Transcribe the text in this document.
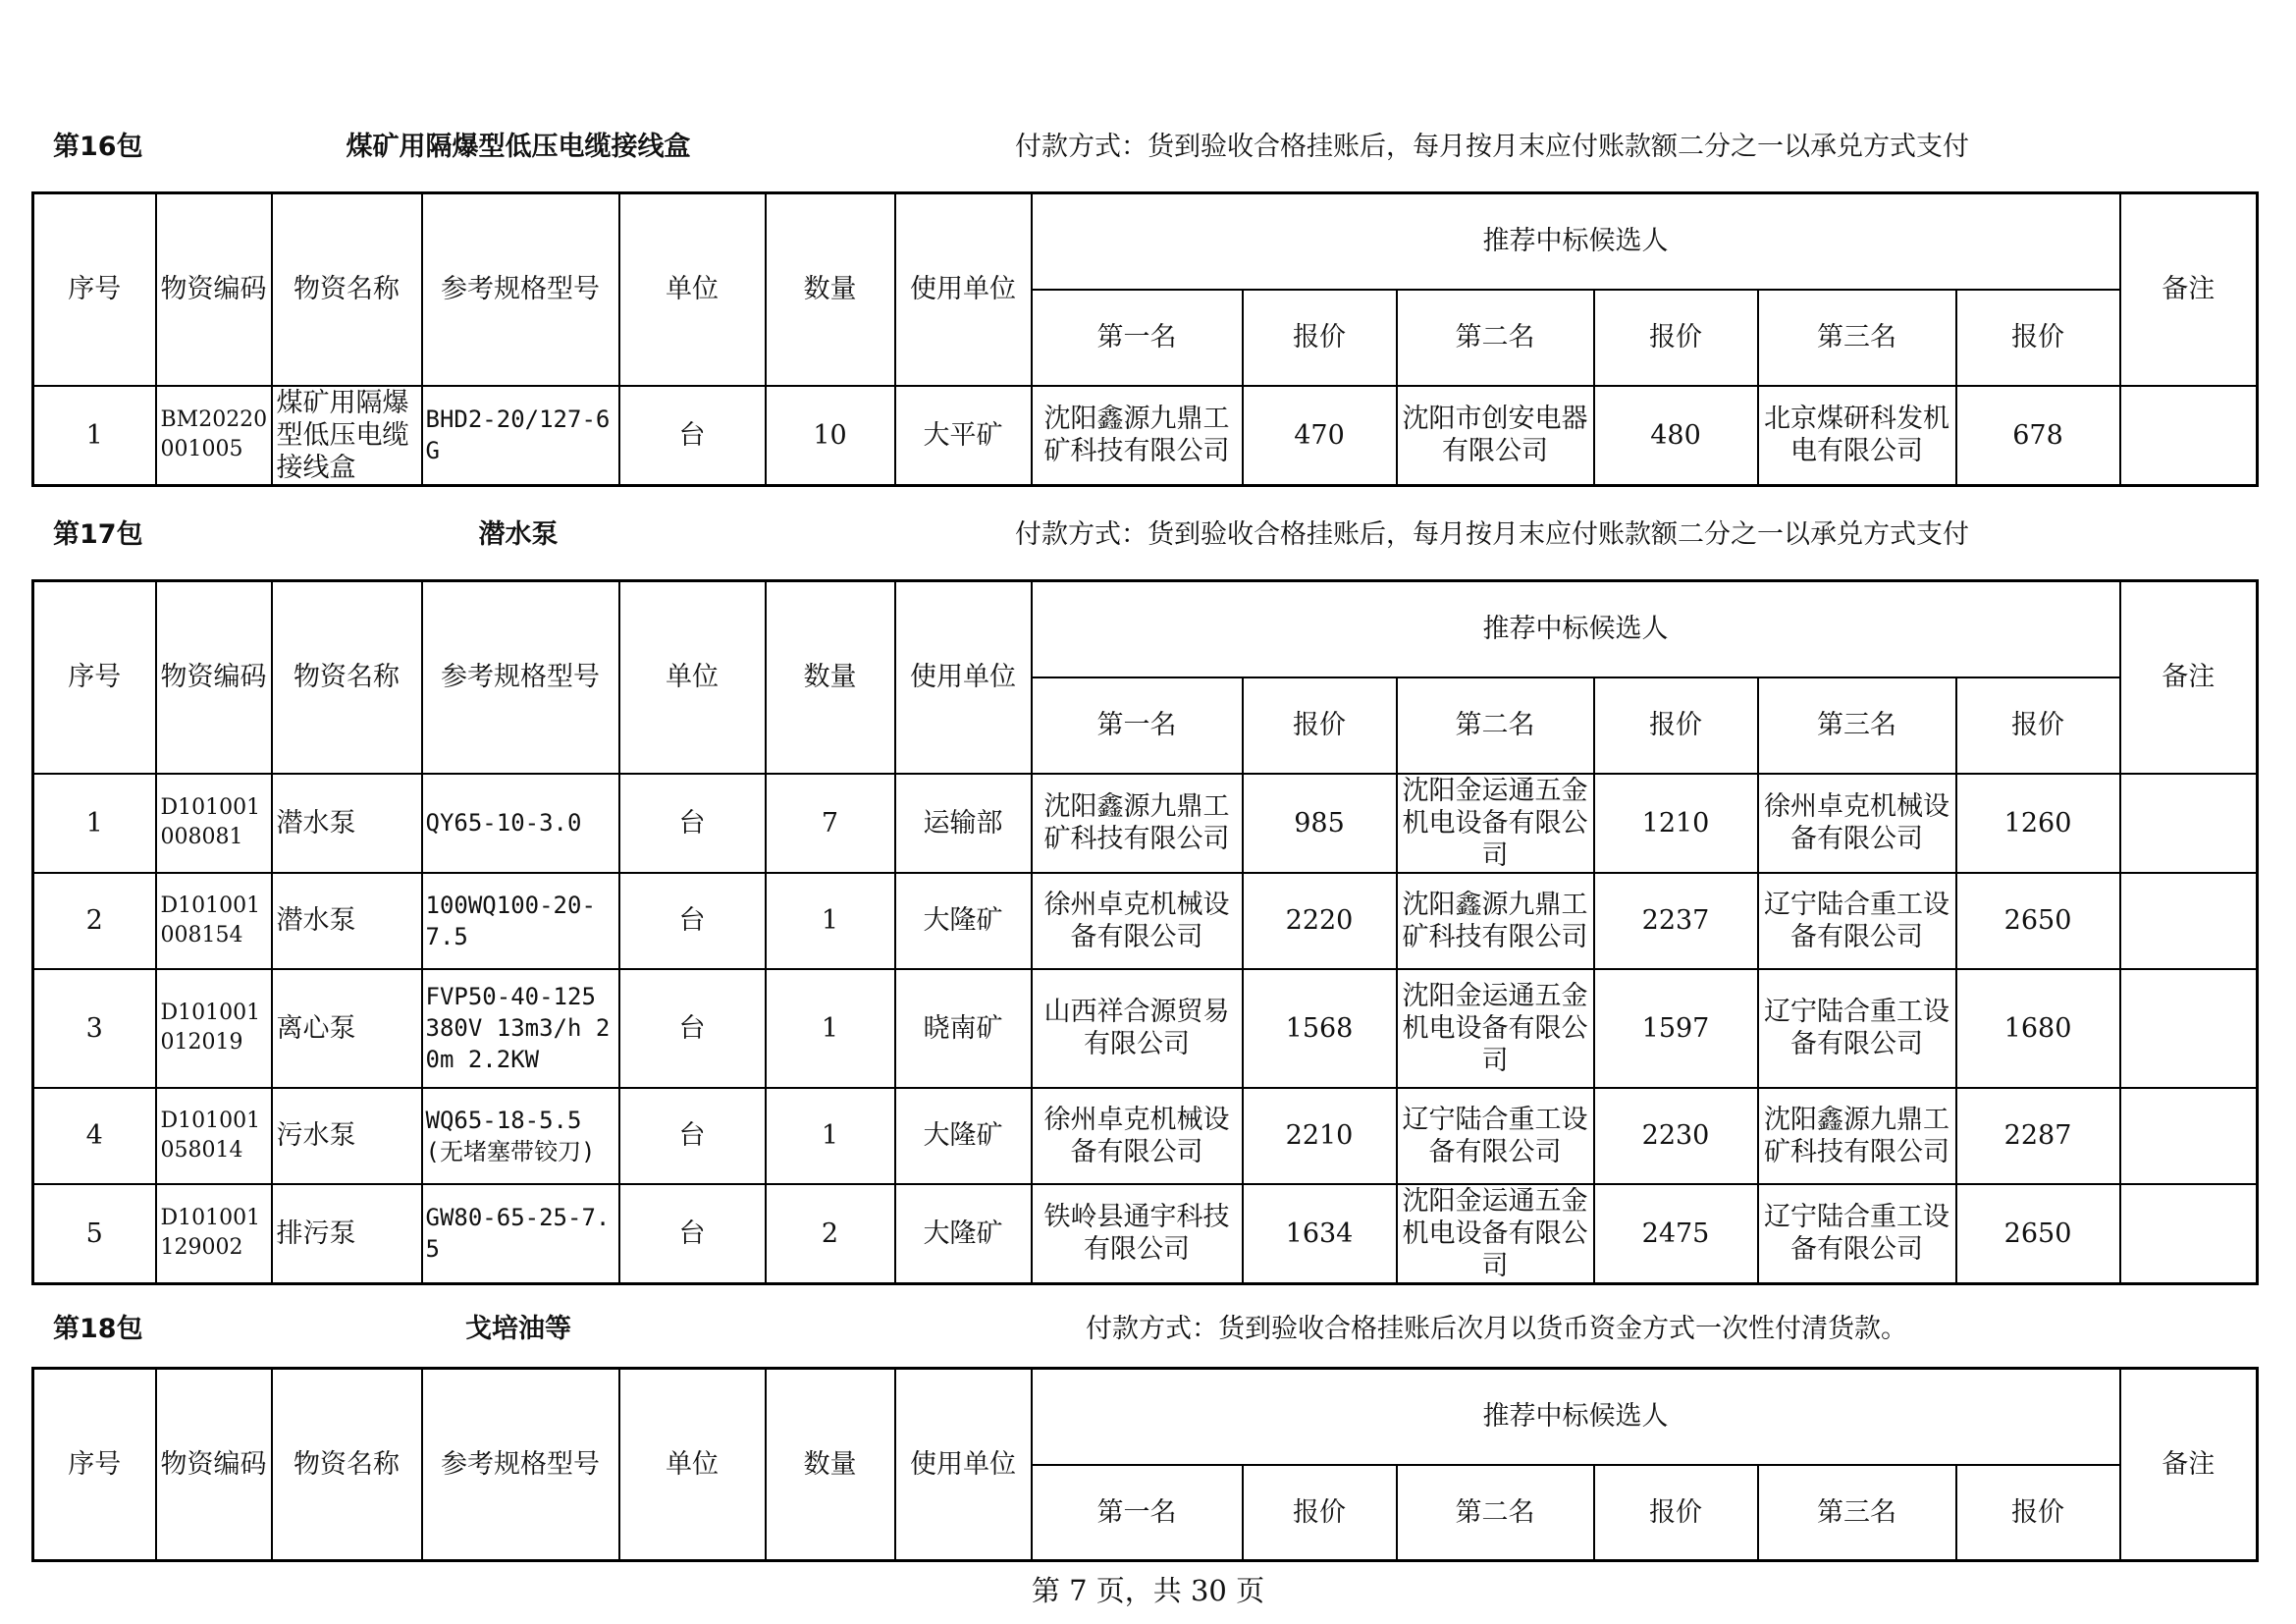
第16包	煤矿用隔爆型低压电缆接线盒	付款方式：货到验收合格挂账后，每月按月末应付账款额二分之一以承兑方式支付
序号	物资编码	物资名称	参考规格型号	单位	数量	使用单位	推荐中标候选人						备注
							第一名	报价	第二名	报价	第三名	报价	
1	BM20220001005	煤矿用隔爆型低压电缆接线盒	BHD2-20/127-6G	台	10	大平矿	沈阳鑫源九鼎工矿科技有限公司	470	沈阳市创安电器有限公司	480	北京煤研科发机电有限公司	678	
第17包	潜水泵	付款方式：货到验收合格挂账后，每月按月末应付账款额二分之一以承兑方式支付
序号	物资编码	物资名称	参考规格型号	单位	数量	使用单位	推荐中标候选人						备注
							第一名	报价	第二名	报价	第三名	报价	
1	D101001008081	潜水泵	QY65-10-3.0	台	7	运输部	沈阳鑫源九鼎工矿科技有限公司	985	沈阳金运通五金机电设备有限公司	1210	徐州卓克机械设备有限公司	1260	
2	D101001008154	潜水泵	100WQ100-20-7.5	台	1	大隆矿	徐州卓克机械设备有限公司	2220	沈阳鑫源九鼎工矿科技有限公司	2237	辽宁陆合重工设备有限公司	2650	
3	D101001012019	离心泵	FVP50-40-125 380V 13m3/h 20m 2.2KW	台	1	晓南矿	山西祥合源贸易有限公司	1568	沈阳金运通五金机电设备有限公司	1597	辽宁陆合重工设备有限公司	1680	
4	D101001058014	污水泵	WQ65-18-5.5(无堵塞带铰刀)	台	1	大隆矿	徐州卓克机械设备有限公司	2210	辽宁陆合重工设备有限公司	2230	沈阳鑫源九鼎工矿科技有限公司	2287	
5	D101001129002	排污泵	GW80-65-25-7.5	台	2	大隆矿	铁岭县通宇科技有限公司	1634	沈阳金运通五金机电设备有限公司	2475	辽宁陆合重工设备有限公司	2650	
第18包	戈培油等	付款方式：货到验收合格挂账后次月以货币资金方式一次性付清货款。
序号	物资编码	物资名称	参考规格型号	单位	数量	使用单位	推荐中标候选人						备注
							第一名	报价	第二名	报价	第三名	报价	
第 7 页，共 30 页
